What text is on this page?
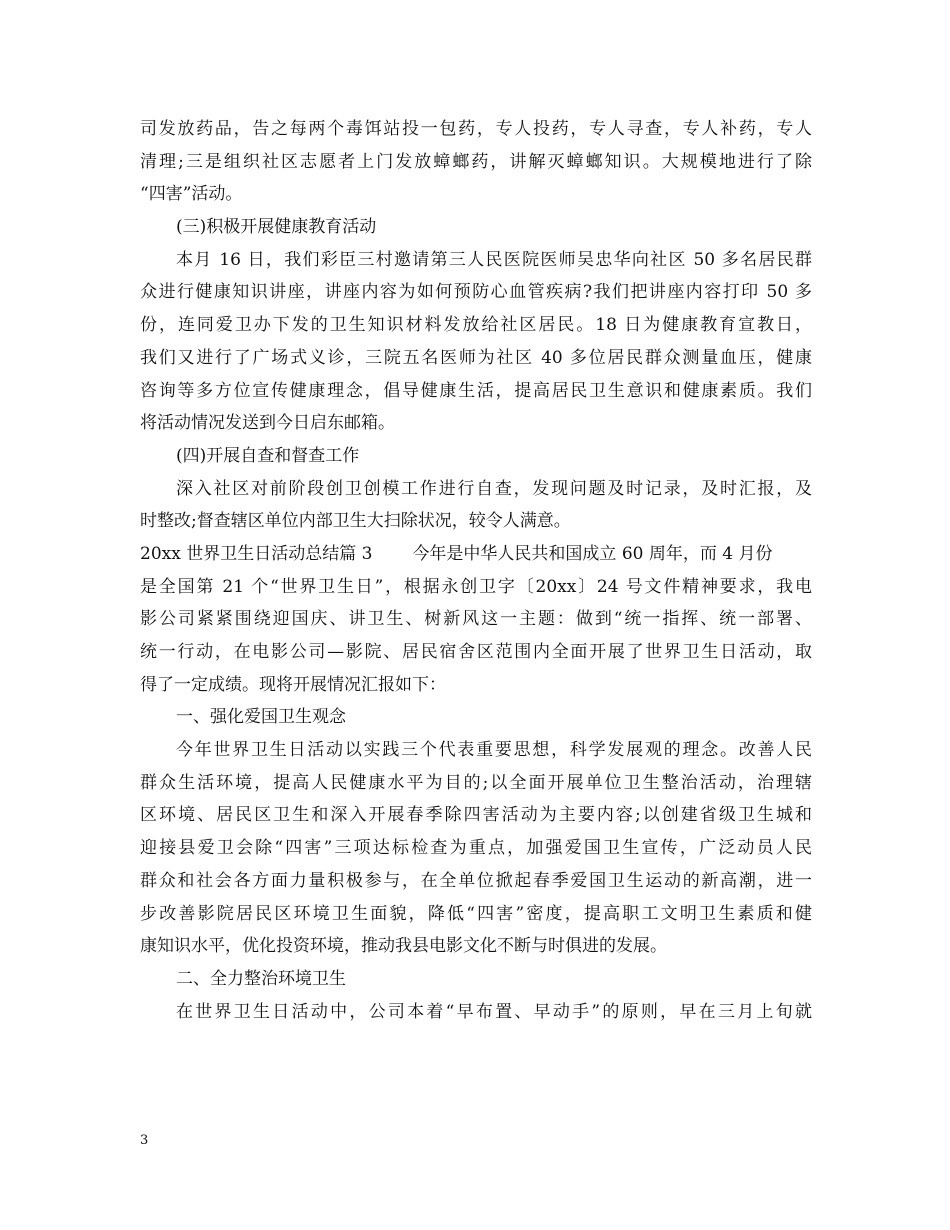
司发放药品，告之每两个毒饵站投一包药，专人投药，专人寻查，专人补药，专人
清理;三是组织社区志愿者上门发放蟑螂药，讲解灭蟑螂知识。大规模地进行了除
“四害”活动。
(三)积极开展健康教育活动
本月 16 日，我们彩臣三村邀请第三人民医院医师吴忠华向社区 50 多名居民群
众进行健康知识讲座，讲座内容为如何预防心血管疾病?我们把讲座内容打印 50 多
份，连同爱卫办下发的卫生知识材料发放给社区居民。18 日为健康教育宣教日，
我们又进行了广场式义诊，三院五名医师为社区 40 多位居民群众测量血压，健康
咨询等多方位宣传健康理念，倡导健康生活，提高居民卫生意识和健康素质。我们
将活动情况发送到今日启东邮箱。
(四)开展自查和督查工作
深入社区对前阶段创卫创模工作进行自查，发现问题及时记录，及时汇报，及
时整改;督查辖区单位内部卫生大扫除状况，较令人满意。
20xx 世界卫生日活动总结篇 3 今年是中华人民共和国成立 60 周年，而 4 月份
是全国第 21 个“世界卫生日”，根据永创卫字〔20xx〕24 号文件精神要求，我电
影公司紧紧围绕迎国庆、讲卫生、树新风这一主题：做到“统一指挥、统一部署、
统一行动，在电影公司—影院、居民宿舍区范围内全面开展了世界卫生日活动，取
得了一定成绩。现将开展情况汇报如下：
一、强化爱国卫生观念
今年世界卫生日活动以实践三个代表重要思想，科学发展观的理念。改善人民
群众生活环境，提高人民健康水平为目的;以全面开展单位卫生整治活动，治理辖
区环境、居民区卫生和深入开展春季除四害活动为主要内容;以创建省级卫生城和
迎接县爱卫会除“四害”三项达标检查为重点，加强爱国卫生宣传，广泛动员人民
群众和社会各方面力量积极参与，在全单位掀起春季爱国卫生运动的新高潮，进一
步改善影院居民区环境卫生面貌，降低“四害”密度，提高职工文明卫生素质和健
康知识水平，优化投资环境，推动我县电影文化不断与时俱进的发展。
二、全力整治环境卫生
在世界卫生日活动中，公司本着“早布置、早动手”的原则，早在三月上旬就
3
